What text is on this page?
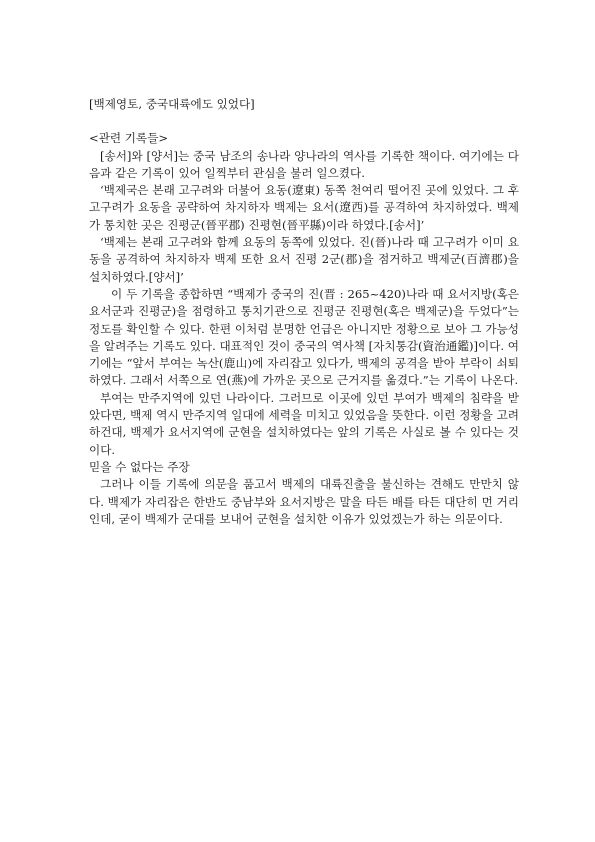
[백제영토, 중국대륙에도 있었다]

<관련 기록들>

[송서]와 [양서]는 중국 남조의 송나라 양나라의 역사를 기록한 책이다. 여기에는 다음과 같은 기록이 있어 일찍부터 관심을 불러 일으켰다.

‘백제국은 본래 고구려와 더불어 요동(遼東) 동쪽 천여리 떨어진 곳에 있었다. 그 후 고구려가 요동을 공략하여 차지하자 백제는 요서(遼西)를 공격하여 차지하였다. 백제가 통치한 곳은 진평군(晉平郡) 진평현(晉平縣)이라 하였다.[송서]’

‘백제는 본래 고구려와 함께 요동의 동쪽에 있었다. 진(晉)나라 때 고구려가 이미 요동을 공격하여 차지하자 백제 또한 요서 진평 2군(郡)을 점거하고 백제군(百濟郡)을 설치하였다.[양서]’

이 두 기록을 종합하면 “백제가 중국의 진(晋 : 265~420)나라 때 요서지방(혹은 요서군과 진평군)을 점령하고 통치기관으로 진평군 진평현(혹은 백제군)을 두었다”는 정도를 확인할 수 있다. 한편 이처럼 분명한 언급은 아니지만 정황으로 보아 그 가능성을 알려주는 기록도 있다. 대표적인 것이 중국의 역사책 [자치통감(資治通鑑)]이다. 여기에는 “앞서 부여는 녹산(鹿山)에 자리잡고 있다가, 백제의 공격을 받아 부락이 쇠퇴하였다. 그래서 서쪽으로 연(燕)에 가까운 곳으로 근거지를 옮겼다.”는 기록이 나온다.

부여는 만주지역에 있던 나라이다. 그러므로 이곳에 있던 부여가 백제의 침략을 받았다면, 백제 역시 만주지역 일대에 세력을 미치고 있었음을 뜻한다. 이런 정황을 고려하건대, 백제가 요서지역에 군현을 설치하였다는 앞의 기록은 사실로 볼 수 있다는 것이다.

믿을 수 없다는 주장

그러나 이들 기록에 의문을 품고서 백제의 대륙진출을 불신하는 견해도 만만치 않다. 백제가 자리잡은 한반도 중남부와 요서지방은 말을 타든 배를 타든 대단히 먼 거리인데, 굳이 백제가 군대를 보내어 군현을 설치한 이유가 있었겠는가 하는 의문이다.
